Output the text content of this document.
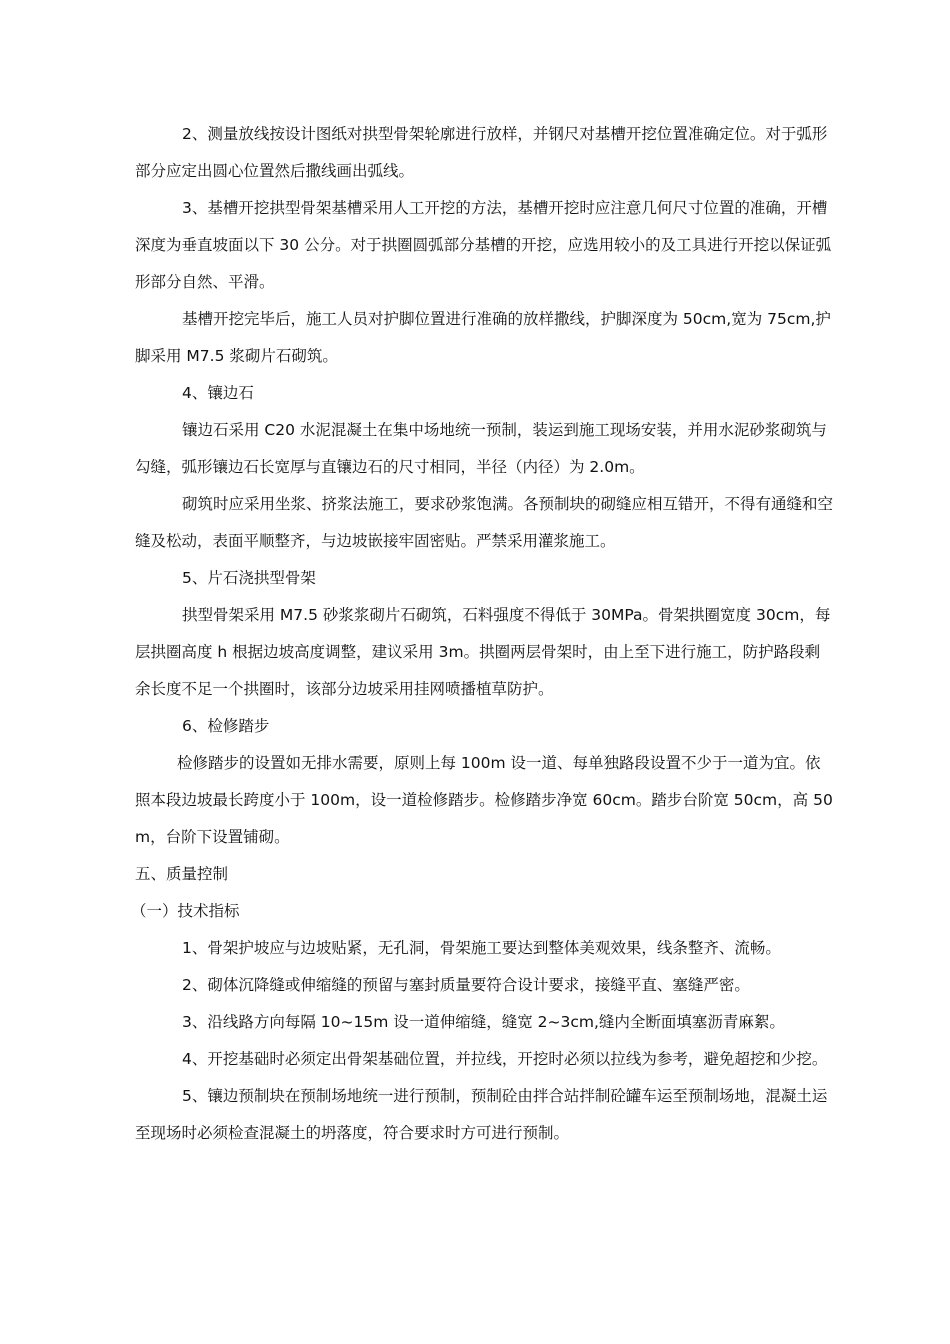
2、测量放线按设计图纸对拱型骨架轮廓进行放样，并钢尺对基槽开挖位置准确定位。对于弧形部分应定出圆心位置然后撒线画出弧线。

3、基槽开挖拱型骨架基槽采用人工开挖的方法，基槽开挖时应注意几何尺寸位置的准确，开槽深度为垂直坡面以下 30 公分。对于拱圈圆弧部分基槽的开挖，应选用较小的及工具进行开挖以保证弧形部分自然、平滑。

基槽开挖完毕后，施工人员对护脚位置进行准确的放样撒线，护脚深度为 50cm,宽为 75cm,护脚采用 M7.5 浆砌片石砌筑。

4、镶边石

镶边石采用 C20 水泥混凝土在集中场地统一预制，装运到施工现场安装，并用水泥砂浆砌筑与勾缝，弧形镶边石长宽厚与直镶边石的尺寸相同，半径（内径）为 2.0m。

砌筑时应采用坐浆、挤浆法施工，要求砂浆饱满。各预制块的砌缝应相互错开，不得有通缝和空缝及松动，表面平顺整齐，与边坡嵌接牢固密贴。严禁采用灌浆施工。

5、片石浇拱型骨架

拱型骨架采用 M7.5 砂浆浆砌片石砌筑，石料强度不得低于 30MPa。骨架拱圈宽度 30cm，每层拱圈高度 h 根据边坡高度调整，建议采用 3m。拱圈两层骨架时，由上至下进行施工，防护路段剩余长度不足一个拱圈时，该部分边坡采用挂网喷播植草防护。

6、检修踏步

检修踏步的设置如无排水需要，原则上每 100m 设一道、每单独路段设置不少于一道为宜。依照本段边坡最长跨度小于 100m，设一道检修踏步。检修踏步净宽 60cm。踏步台阶宽 50cm，高 50m，台阶下设置铺砌。

五、质量控制

（一）技术指标

1、骨架护坡应与边坡贴紧，无孔洞，骨架施工要达到整体美观效果，线条整齐、流畅。

2、砌体沉降缝或伸缩缝的预留与塞封质量要符合设计要求，接缝平直、塞缝严密。

3、沿线路方向每隔 10~15m 设一道伸缩缝，缝宽 2~3cm,缝内全断面填塞沥青麻絮。

4、开挖基础时必须定出骨架基础位置，并拉线，开挖时必须以拉线为参考，避免超挖和少挖。

5、镶边预制块在预制场地统一进行预制，预制砼由拌合站拌制砼罐车运至预制场地，混凝土运至现场时必须检查混凝土的坍落度，符合要求时方可进行预制。
